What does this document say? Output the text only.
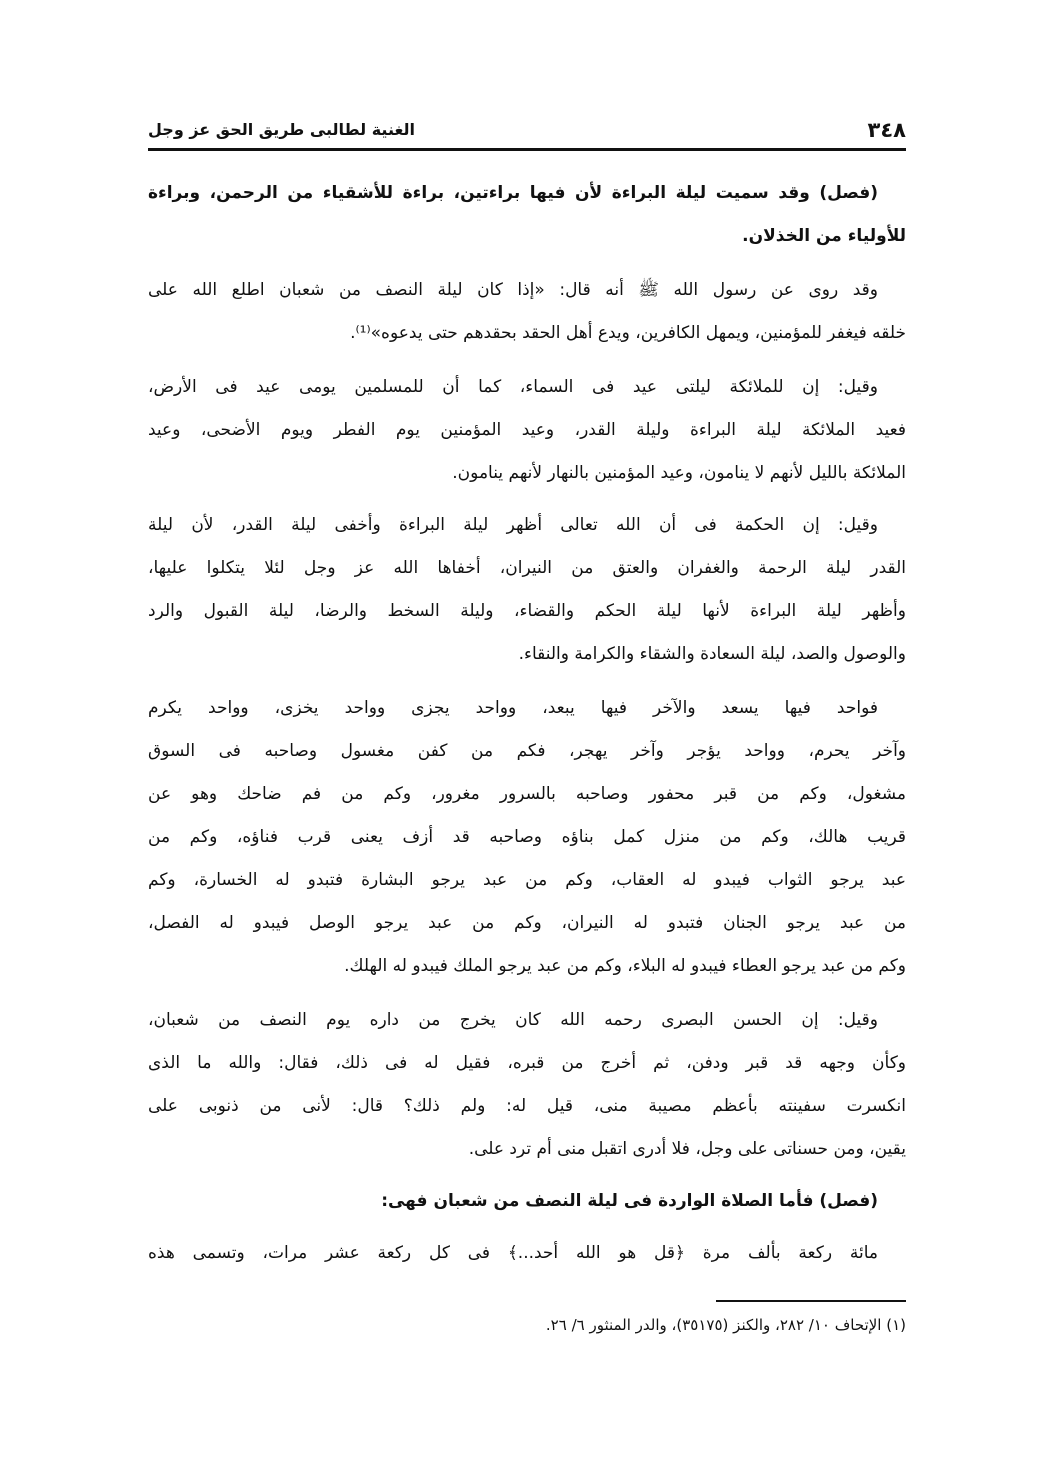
٣٤٨
الغنية لطالبى طريق الحق عز وجل
(فصل) وقد سميت ليلة البراءة لأن فيها براءتين، براءة للأشقياء من الرحمن، وبراءة
للأولياء من الخذلان.
وقد روى عن رسول الله ﷺ أنه قال: «إذا كان ليلة النصف من شعبان اطلع الله على
خلقه فيغفر للمؤمنين، ويمهل الكافرين، ويدع أهل الحقد بحقدهم حتى يدعوه»⁽¹⁾.
وقيل: إن للملائكة ليلتى عيد فى السماء، كما أن للمسلمين يومى عيد فى الأرض،
فعيد الملائكة ليلة البراءة وليلة القدر، وعيد المؤمنين يوم الفطر ويوم الأضحى، وعيد
الملائكة بالليل لأنهم لا ينامون، وعيد المؤمنين بالنهار لأنهم ينامون.
وقيل: إن الحكمة فى أن الله تعالى أظهر ليلة البراءة وأخفى ليلة القدر، لأن ليلة
القدر ليلة الرحمة والغفران والعتق من النيران، أخفاها الله عز وجل لئلا يتكلوا عليها،
وأظهر ليلة البراءة لأنها ليلة الحكم والقضاء، وليلة السخط والرضا، ليلة القبول والرد
والوصول والصد، ليلة السعادة والشقاء والكرامة والنقاء.
فواحد فيها يسعد والآخر فيها يبعد، وواحد يجزى وواحد يخزى، وواحد يكرم
وآخر يحرم، وواحد يؤجر وآخر يهجر، فكم من كفن مغسول وصاحبه فى السوق
مشغول، وكم من قبر محفور وصاحبه بالسرور مغرور، وكم من فم ضاحك وهو عن
قريب هالك، وكم من منزل كمل بناؤه وصاحبه قد أزف يعنى قرب فناؤه، وكم من
عبد يرجو الثواب فيبدو له العقاب، وكم من عبد يرجو البشارة فتبدو له الخسارة، وكم
من عبد يرجو الجنان فتبدو له النيران، وكم من عبد يرجو الوصل فيبدو له الفصل،
وكم من عبد يرجو العطاء فيبدو له البلاء، وكم من عبد يرجو الملك فيبدو له الهلك.
وقيل: إن الحسن البصرى رحمه الله كان يخرج من داره يوم النصف من شعبان،
وكأن وجهه قد قبر ودفن، ثم أخرج من قبره، فقيل له فى ذلك، فقال: والله ما الذى
انكسرت سفينته بأعظم مصيبة منى، قيل له: ولم ذلك؟ قال: لأنى من ذنوبى على
يقين، ومن حسناتى على وجل، فلا أدرى اتقبل منى أم ترد على.
(فصل) فأما الصلاة الواردة فى ليلة النصف من شعبان فهى:
مائة ركعة بألف مرة ﴿قل هو الله أحد...﴾ فى كل ركعة عشر مرات، وتسمى هذه
(١) الإتحاف ١٠/ ٢٨٢، والكنز (٣٥١٧٥)، والدر المنثور ٦/ ٢٦.
